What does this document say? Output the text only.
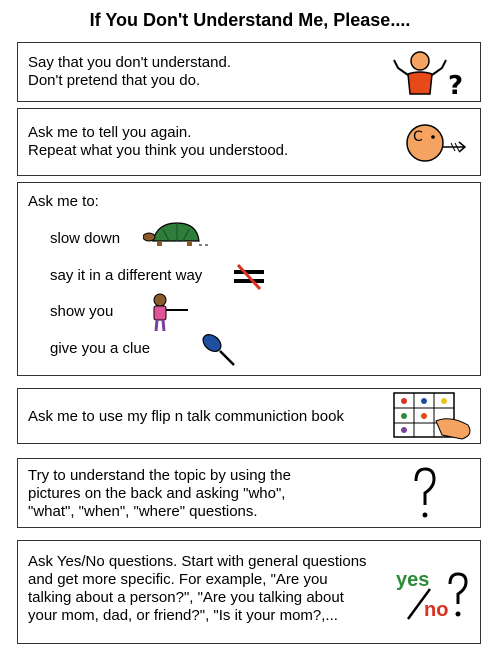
If You Don't Understand Me, Please....
Say that you don't understand.
Don't pretend that you do.	?
Ask me to tell you again.
Repeat what you think you understood.
C
Ask me to:
slow down
say it in a different way
show you
give you a clue
Ask me to use my flip n talk communiction book
Try to understand the topic by using the
pictures on the back and asking "who",
"what", "when", "where" questions.
Ask Yes/No questions. Start with general questions
and get more specific. For example, "Are you
talking about a person?", "Are you talking about
your mom, dad, or friend?", "Is it your mom?,...
yes
no
